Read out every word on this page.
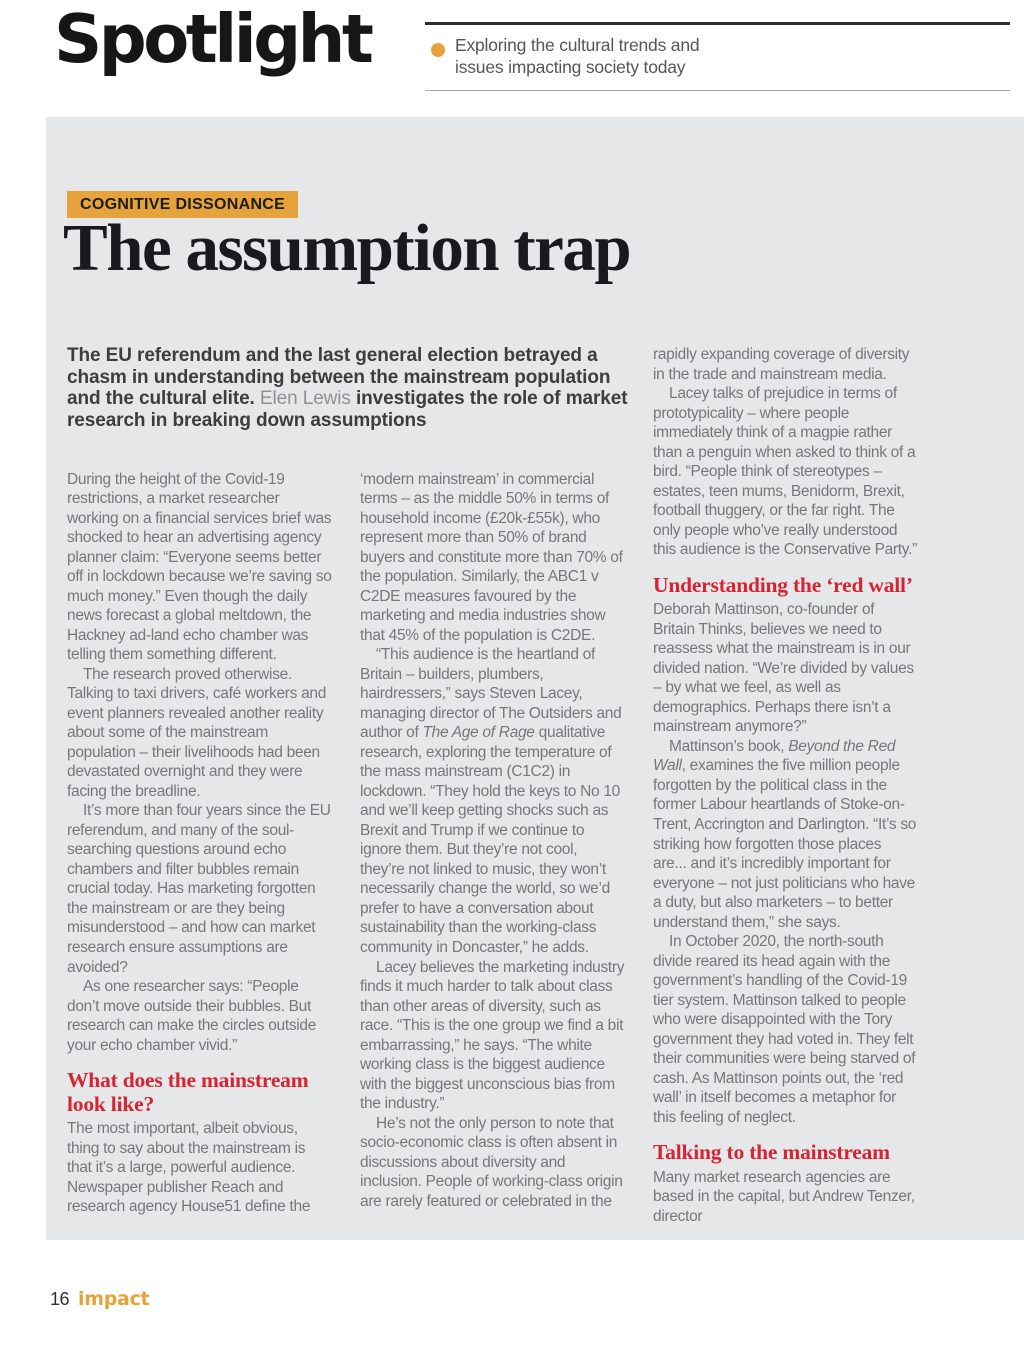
Spotlight	Exploring the cultural trends and
issues impacting society today
COGNITIVE DISSONANCE
The assumption trap

The EU referendum and the last general election betrayed a chasm in understanding between the mainstream population and the cultural elite. Elen Lewis investigates the role of market research in breaking down assumptions

During the height of the Covid-19 restrictions, a market researcher working on a financial services brief was shocked to hear an advertising agency planner claim: “Everyone seems better off in lockdown because we’re saving so much money.” Even though the daily news forecast a global meltdown, the Hackney ad-land echo chamber was telling them something different.

The research proved otherwise. Talking to taxi drivers, café workers and event planners revealed another reality about some of the mainstream population – their livelihoods had been devastated overnight and they were facing the breadline.

It’s more than four years since the EU referendum, and many of the soul-searching questions around echo chambers and filter bubbles remain crucial today. Has marketing forgotten the mainstream or are they being misunderstood – and how can market research ensure assumptions are avoided?

As one researcher says: “People don’t move outside their bubbles. But research can make the circles outside your echo chamber vivid.”

What does the mainstream look like?

The most important, albeit obvious, thing to say about the mainstream is that it’s a large, powerful audience. Newspaper publisher Reach and research agency House51 define the

‘modern mainstream’ in commercial terms – as the middle 50% in terms of household income (£20k-£55k), who represent more than 50% of brand buyers and constitute more than 70% of the population. Similarly, the ABC1 v C2DE measures favoured by the marketing and media industries show that 45% of the population is C2DE.

“This audience is the heartland of Britain – builders, plumbers, hairdressers,” says Steven Lacey, managing director of The Outsiders and author of The Age of Rage qualitative research, exploring the temperature of the mass mainstream (C1C2) in lockdown. “They hold the keys to No 10 and we’ll keep getting shocks such as Brexit and Trump if we continue to ignore them. But they’re not cool, they’re not linked to music, they won’t necessarily change the world, so we’d prefer to have a conversation about sustainability than the working-class community in Doncaster,” he adds.

Lacey believes the marketing industry finds it much harder to talk about class than other areas of diversity, such as race. “This is the one group we find a bit embarrassing,” he says. “The white working class is the biggest audience with the biggest unconscious bias from the industry.”

He’s not the only person to note that socio-economic class is often absent in discussions about diversity and inclusion. People of working-class origin are rarely featured or celebrated in the

rapidly expanding coverage of diversity in the trade and mainstream media.

Lacey talks of prejudice in terms of prototypicality – where people immediately think of a magpie rather than a penguin when asked to think of a bird. “People think of stereotypes – estates, teen mums, Benidorm, Brexit, football thuggery, or the far right. The only people who’ve really understood this audience is the Conservative Party.”

Understanding the ‘red wall’

Deborah Mattinson, co-founder of Britain Thinks, believes we need to reassess what the mainstream is in our divided nation. “We’re divided by values – by what we feel, as well as demographics. Perhaps there isn’t a mainstream anymore?”

Mattinson’s book, Beyond the Red Wall, examines the five million people forgotten by the political class in the former Labour heartlands of Stoke-on-Trent, Accrington and Darlington. “It’s so striking how forgotten those places are... and it’s incredibly important for everyone – not just politicians who have a duty, but also marketers – to better understand them,” she says.

In October 2020, the north-south divide reared its head again with the government’s handling of the Covid-19 tier system. Mattinson talked to people who were disappointed with the Tory government they had voted in. They felt their communities were being starved of cash. As Mattinson points out, the ‘red wall’ in itself becomes a metaphor for this feeling of neglect.

Talking to the mainstream

Many market research agencies are based in the capital, but Andrew Tenzer, director

16 impact
